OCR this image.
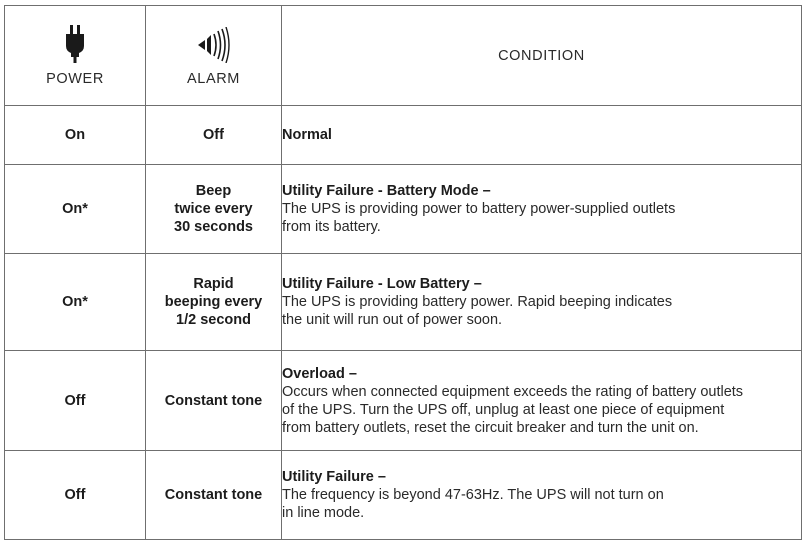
POWER	ALARM	CONDITION
On	Off	Normal

On*	Beep
twice every
30 seconds	Utility Failure - Battery Mode –
The UPS is providing power to battery power-supplied outlets
from its battery.

On*	Rapid
beeping every
1/2 second	Utility Failure - Low Battery –
The UPS is providing battery power. Rapid beeping indicates
the unit will run out of power soon.

Off	Constant tone	Overload –
Occurs when connected equipment exceeds the rating of battery outlets
of the UPS. Turn the UPS off, unplug at least one piece of equipment
from battery outlets, reset the circuit breaker and turn the unit on.

Off	Constant tone	Utility Failure –
The frequency is beyond 47-63Hz. The UPS will not turn on
in line mode.
